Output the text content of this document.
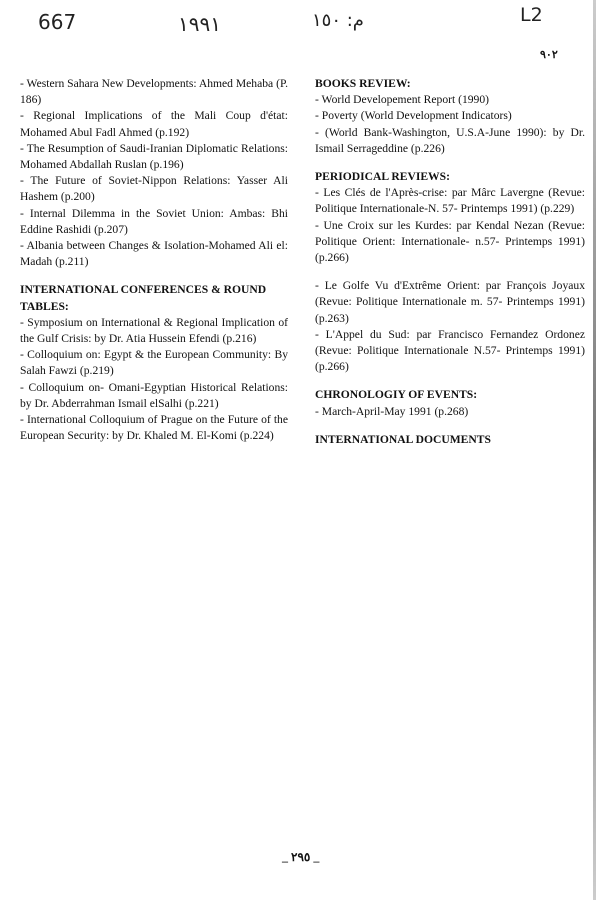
667	١٩٩١	م: ١٥٠	L2
٩٠٢

- Western Sahara New Developments: Ahmed Mehaba (P. 186)

- Regional Implications of the Mali Coup d'état: Mohamed Abul Fadl Ahmed (p.192)

- The Resumption of Saudi-Iranian Diplomatic Relations: Mohamed Abdallah Ruslan (p.196)

- The Future of Soviet-Nippon Relations: Yasser Ali Hashem (p.200)

- Internal Dilemma in the Soviet Union: Ambas: Bhi Eddine Rashidi (p.207)

- Albania between Changes & Isolation-Mohamed Ali el: Madah (p.211)

INTERNATIONAL CONFERENCES & ROUND TABLES:

- Symposium on International & Regional Implication of the Gulf Crisis: by Dr. Atia Hussein Efendi (p.216)

- Colloquium on: Egypt & the European Community: By Salah Fawzi (p.219)

- Colloquium on- Omani-Egyptian Historical Relations: by Dr. Abderrahman Ismail elSalhi (p.221)

- International Colloquium of Prague on the Future of the European Security: by Dr. Khaled M. El-Komi (p.224)

BOOKS REVIEW:

- World Developement Report (1990)

- Poverty (World Development Indicators)

- (World Bank-Washington, U.S.A-June 1990): by Dr. Ismail Serrageddine (p.226)

PERIODICAL REVIEWS:

- Les Clés de l'Après-crise: par Mârc Lavergne (Revue: Politique Internationale-N. 57- Printemps 1991) (p.229)

- Une Croix sur les Kurdes: par Kendal Nezan (Revue: Politique Orient: Internationale- n.57- Printemps 1991) (p.266)

- Le Golfe Vu d'Extrême Orient: par François Joyaux (Revue: Politique Internationale m. 57- Printemps 1991) (p.263)

- L'Appel du Sud: par Francisco Fernandez Ordonez (Revue: Politique Internationale N.57- Printemps 1991) (p.266)

CHRONOLOGIY OF EVENTS:

- March-April-May 1991 (p.268)

INTERNATIONAL DOCUMENTS

_ ٢٩٥ _
